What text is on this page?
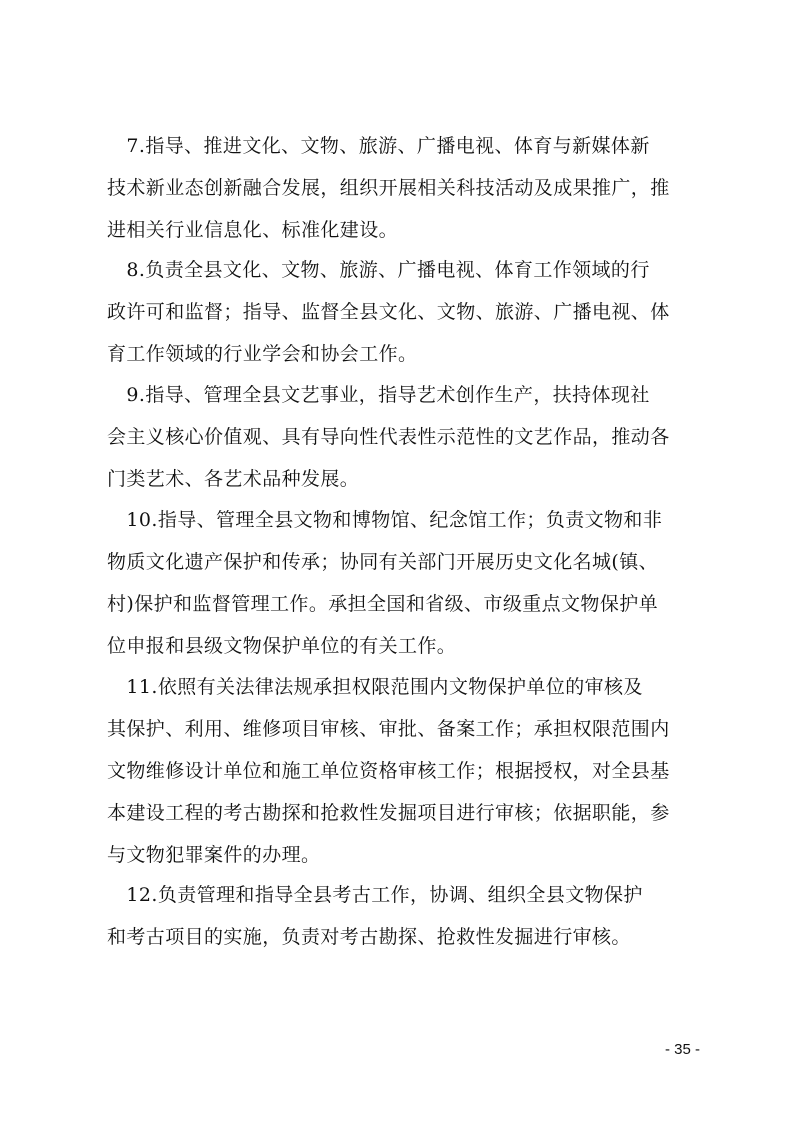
　7.指导、推进文化、文物、旅游、广播电视、体育与新媒体新
技术新业态创新融合发展，组织开展相关科技活动及成果推广，推
进相关行业信息化、标准化建设。
　8.负责全县文化、文物、旅游、广播电视、体育工作领域的行
政许可和监督；指导、监督全县文化、文物、旅游、广播电视、体
育工作领域的行业学会和协会工作。
　9.指导、管理全县文艺事业，指导艺术创作生产，扶持体现社
会主义核心价值观、具有导向性代表性示范性的文艺作品，推动各
门类艺术、各艺术品种发展。
　10.指导、管理全县文物和博物馆、纪念馆工作；负责文物和非
物质文化遗产保护和传承；协同有关部门开展历史文化名城(镇、
村)保护和监督管理工作。承担全国和省级、市级重点文物保护单
位申报和县级文物保护单位的有关工作。
　11.依照有关法律法规承担权限范围内文物保护单位的审核及
其保护、利用、维修项目审核、审批、备案工作；承担权限范围内
文物维修设计单位和施工单位资格审核工作；根据授权，对全县基
本建设工程的考古勘探和抢救性发掘项目进行审核；依据职能，参
与文物犯罪案件的办理。
　12.负责管理和指导全县考古工作，协调、组织全县文物保护
和考古项目的实施，负责对考古勘探、抢救性发掘进行审核。
- 35 -
